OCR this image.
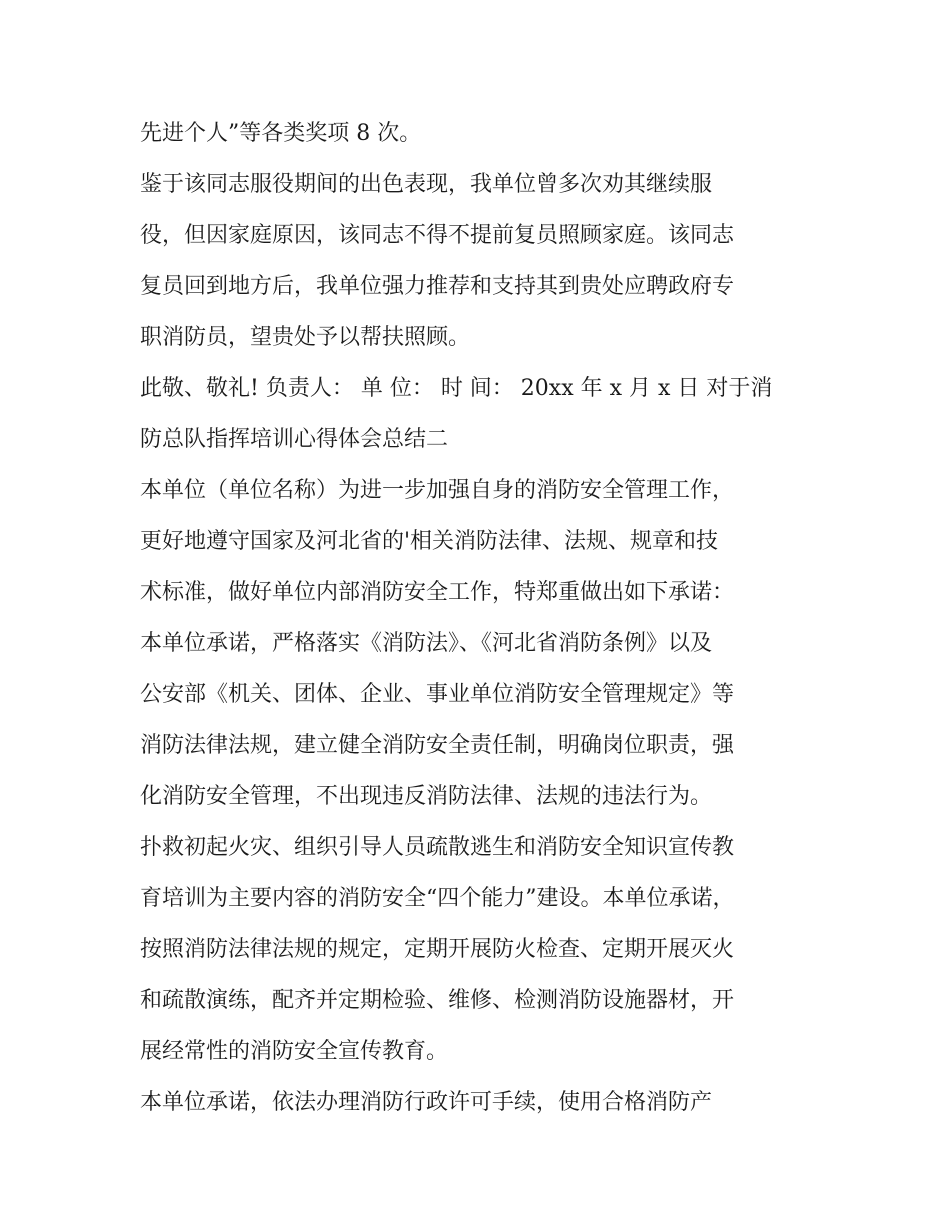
先进个人”等各类奖项 8 次。
鉴于该同志服役期间的出色表现，我单位曾多次劝其继续服
役，但因家庭原因，该同志不得不提前复员照顾家庭。该同志
复员回到地方后，我单位强力推荐和支持其到贵处应聘政府专
职消防员，望贵处予以帮扶照顾。
此敬、敬礼! 负责人： 单 位： 时 间： 20xx 年 x 月 x 日 对于消
防总队指挥培训心得体会总结二
本单位（单位名称）为进一步加强自身的消防安全管理工作，
更好地遵守国家及河北省的'相关消防法律、法规、规章和技
术标准，做好单位内部消防安全工作，特郑重做出如下承诺：
本单位承诺，严格落实《消防法》、《河北省消防条例》以及
公安部《机关、团体、企业、事业单位消防安全管理规定》等
消防法律法规，建立健全消防安全责任制，明确岗位职责，强
化消防安全管理，不出现违反消防法律、法规的违法行为。
扑救初起火灾、组织引导人员疏散逃生和消防安全知识宣传教
育培训为主要内容的消防安全“四个能力”建设。本单位承诺，
按照消防法律法规的规定，定期开展防火检查、定期开展灭火
和疏散演练，配齐并定期检验、维修、检测消防设施器材，开
展经常性的消防安全宣传教育。
本单位承诺，依法办理消防行政许可手续，使用合格消防产
